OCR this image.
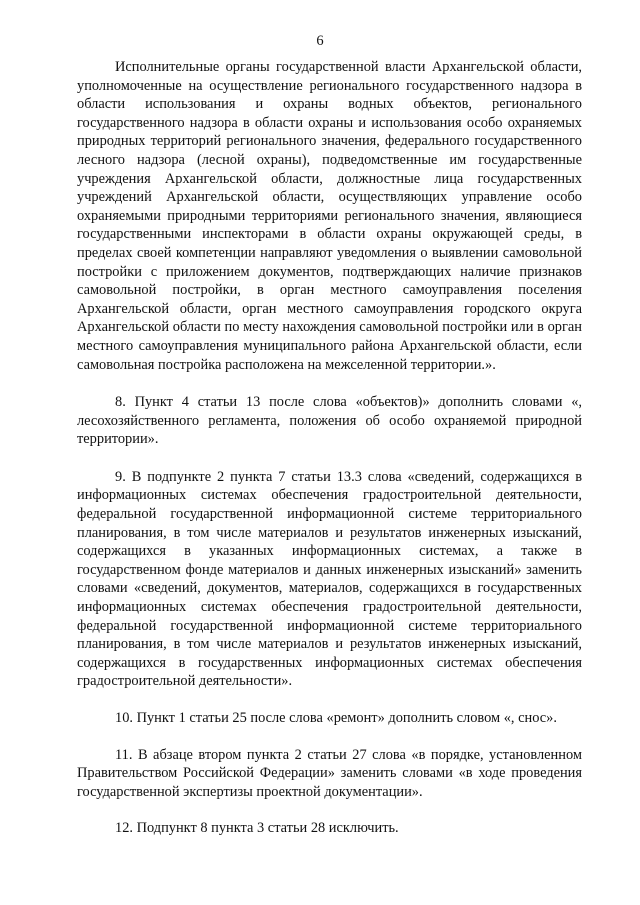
6

Исполнительные органы государственной власти Архангельской области, уполномоченные на осуществление регионального государственного надзора в области использования и охраны водных объектов, регионального государственного надзора в области охраны и использования особо охраняемых природных территорий регионального значения, федерального государственного лесного надзора (лесной охраны), подведомственные им государственные учреждения Архангельской области, должностные лица государственных учреждений Архангельской области, осуществляющих управление особо охраняемыми природными территориями регионального значения, являющиеся государственными инспекторами в области охраны окружающей среды, в пределах своей компетенции направляют уведомления о выявлении самовольной постройки с приложением документов, подтверждающих наличие признаков самовольной постройки, в орган местного самоуправления поселения Архангельской области, орган местного самоуправления городского округа Архангельской области по месту нахождения самовольной постройки или в орган местного самоуправления муниципального района Архангельской области, если самовольная постройка расположена на межселенной территории.».

8. Пункт 4 статьи 13 после слова «объектов)» дополнить словами «, лесохозяйственного регламента, положения об особо охраняемой природной территории».

9. В подпункте 2 пункта 7 статьи 13.3 слова «сведений, содержащихся в информационных системах обеспечения градостроительной деятельности, федеральной государственной информационной системе территориального планирования, в том числе материалов и результатов инженерных изысканий, содержащихся в указанных информационных системах, а также в государственном фонде материалов и данных инженерных изысканий» заменить словами «сведений, документов, материалов, содержащихся в государственных информационных системах обеспечения градостроительной деятельности, федеральной государственной информационной системе территориального планирования, в том числе материалов и результатов инженерных изысканий, содержащихся в государственных информационных системах обеспечения градостроительной деятельности».

10. Пункт 1 статьи 25 после слова «ремонт» дополнить словом «, снос».

11. В абзаце втором пункта 2 статьи 27 слова «в порядке, установленном Правительством Российской Федерации» заменить словами «в ходе проведения государственной экспертизы проектной документации».

12. Подпункт 8 пункта 3 статьи 28 исключить.
